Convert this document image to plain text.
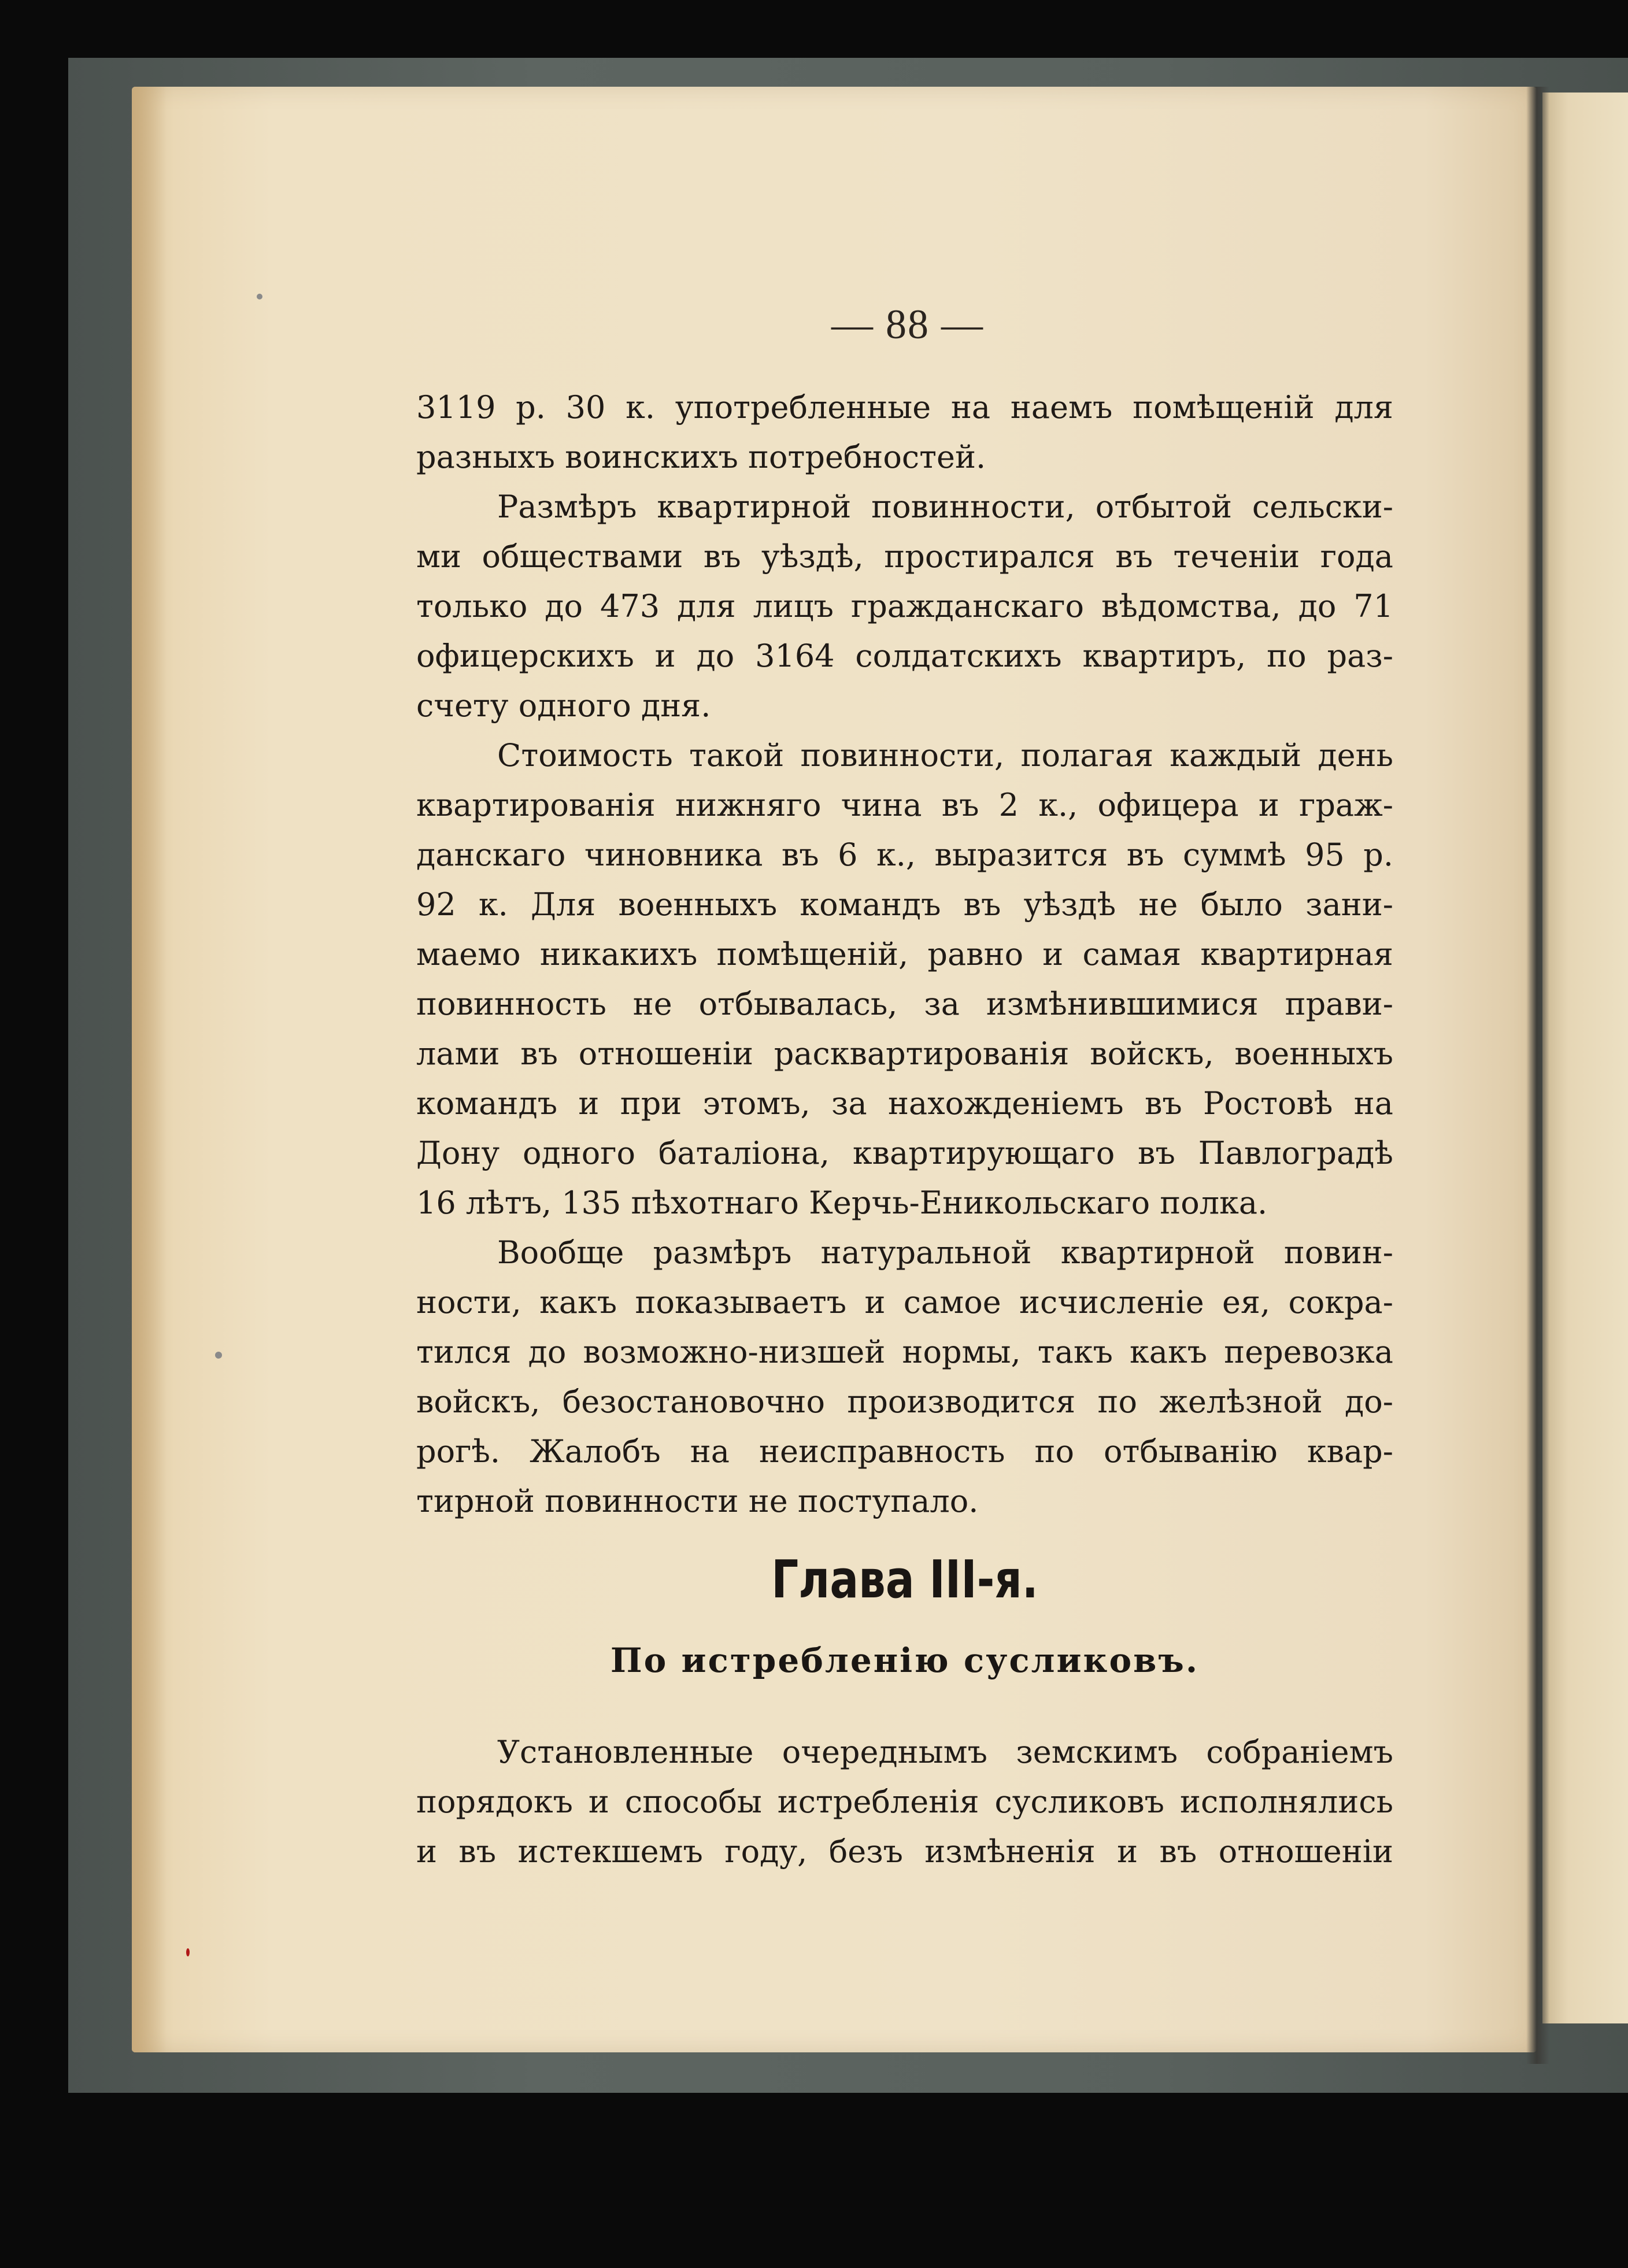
— 88 —
3119 р. 30 к. употребленные на наемъ помѣщеній для
разныхъ воинскихъ потребностей.
Размѣръ квартирной повинности, отбытой сельски-
ми обществами въ уѣздѣ, простирался въ теченіи года
только до 473 для лицъ гражданскаго вѣдомства, до 71
офицерскихъ и до 3164 солдатскихъ квартиръ, по раз-
счету одного дня.
Стоимость такой повинности, полагая каждый день
квартированія нижняго чина въ 2 к., офицера и граж-
данскаго чиновника въ 6 к., выразится въ суммѣ 95 р.
92 к. Для военныхъ командъ въ уѣздѣ не было зани-
маемо никакихъ помѣщеній, равно и самая квартирная
повинность не отбывалась, за измѣнившимися прави-
лами въ отношеніи расквартированія войскъ, военныхъ
командъ и при этомъ, за нахожденіемъ въ Ростовѣ на
Дону одного баталіона, квартирующаго въ Павлоградѣ
16 лѣтъ, 135 пѣхотнаго Керчь-Еникольскаго полка.
Вообще размѣръ натуральной квартирной повин-
ности, какъ показываетъ и самое исчисленіе ея, сокра-
тился до возможно-низшей нормы, такъ какъ перевозка
войскъ, безостановочно производится по желѣзной до-
рогѣ. Жалобъ на неисправность по отбыванію квар-
тирной повинности не поступало.
Глава III-я.
По истребленію сусликовъ.
Установленные очереднымъ земскимъ собраніемъ
порядокъ и способы истребленія сусликовъ исполнялись
и въ истекшемъ году, безъ измѣненія и въ отношеніи
